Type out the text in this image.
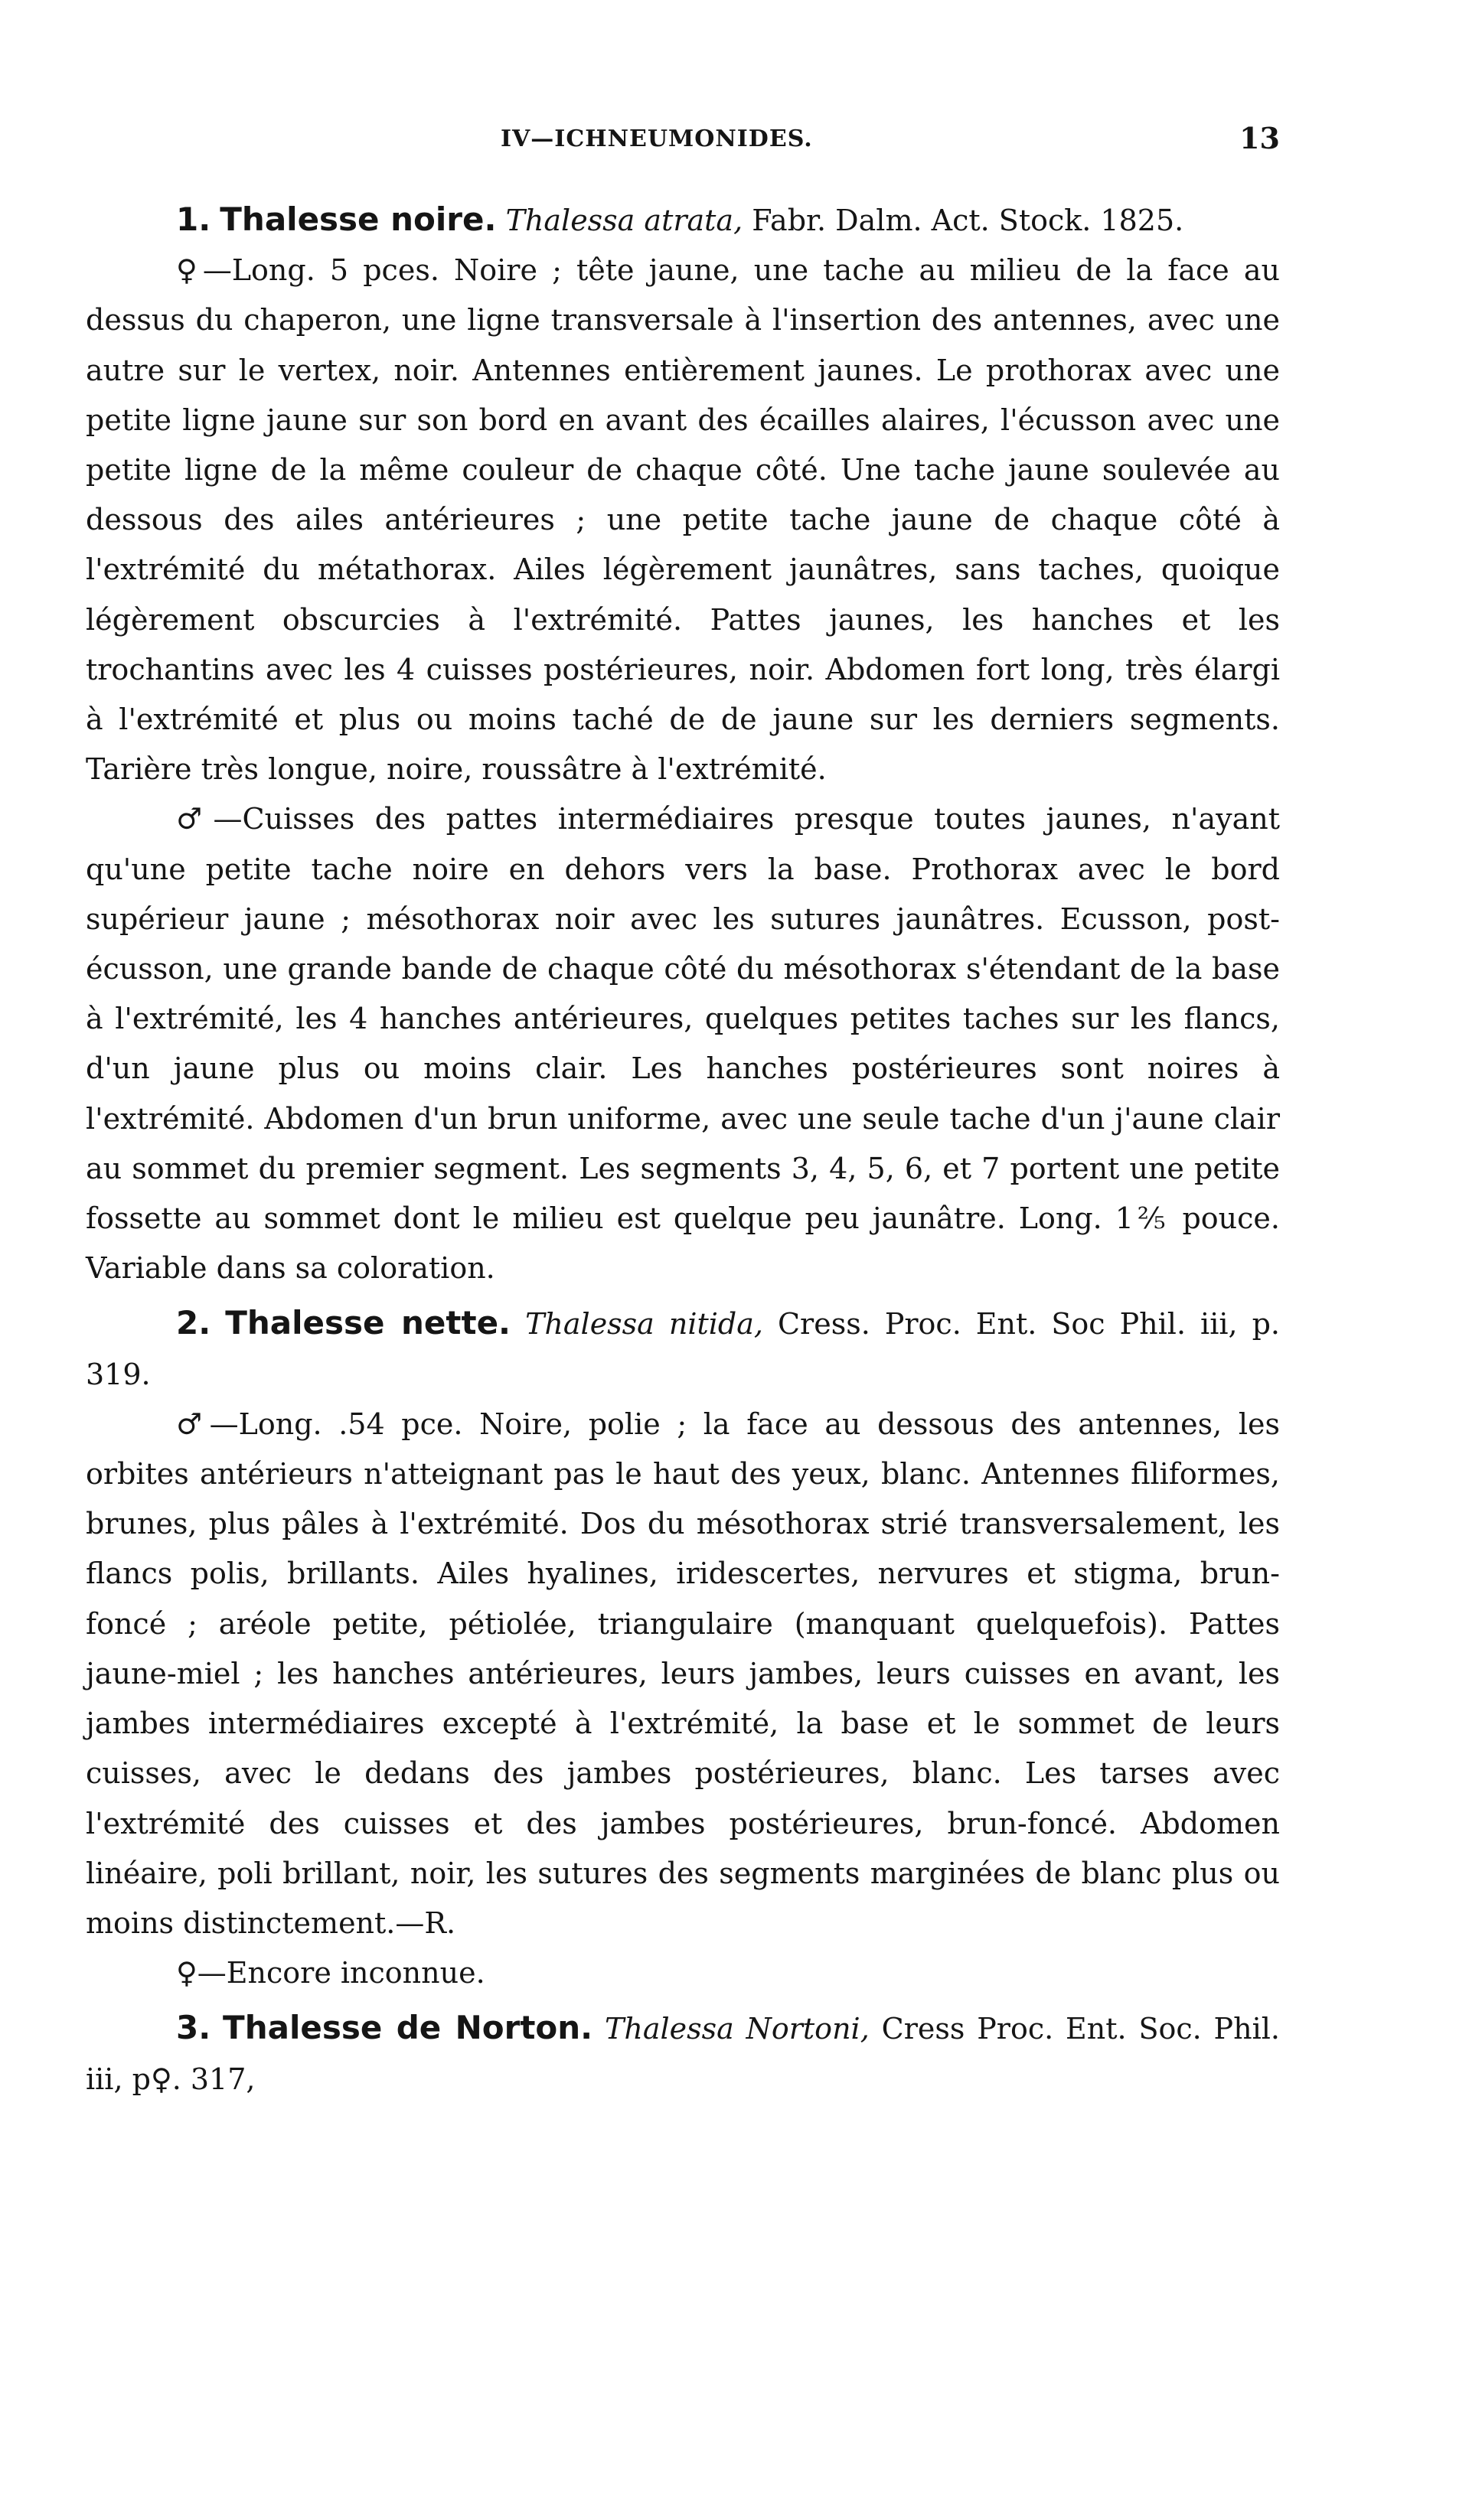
IV—ICHNEUMONIDES.	13

1. Thalesse noire. Thalessa atrata, Fabr. Dalm. Act. Stock. 1825.

♀—Long. 5 pces. Noire ; tête jaune, une tache au milieu de la face au dessus du chaperon, une ligne transversale à l'insertion des antennes, avec une autre sur le vertex, noir. Antennes entièrement jaunes. Le prothorax avec une petite ligne jaune sur son bord en avant des écailles alaires, l'écusson avec une petite ligne de la même couleur de chaque côté. Une tache jaune soulevée au dessous des ailes antérieures ; une petite tache jaune de chaque côté à l'extrémité du métathorax. Ailes légèrement jaunâtres, sans taches, quoique légèrement obscurcies à l'extrémité. Pattes jaunes, les hanches et les trochantins avec les 4 cuisses postérieures, noir. Abdomen fort long, très élargi à l'extrémité et plus ou moins taché de de jaune sur les derniers segments. Tarière très longue, noire, roussâtre à l'extrémité.

♂—Cuisses des pattes intermédiaires presque toutes jaunes, n'ayant qu'une petite tache noire en dehors vers la base. Prothorax avec le bord supérieur jaune ; mésothorax noir avec les sutures jaunâtres. Ecusson, post-écusson, une grande bande de chaque côté du mésothorax s'étendant de la base à l'extrémité, les 4 hanches antérieures, quelques petites taches sur les flancs, d'un jaune plus ou moins clair. Les hanches postérieures sont noires à l'extrémité. Abdomen d'un brun uniforme, avec une seule tache d'un j'aune clair au sommet du premier segment. Les segments 3, 4, 5, 6, et 7 portent une petite fossette au sommet dont le milieu est quelque peu jaunâtre. Long. 1⅖ pouce. Variable dans sa coloration.

2. Thalesse nette. Thalessa nitida, Cress. Proc. Ent. Soc Phil. iii, p. 319.

♂—Long. .54 pce. Noire, polie ; la face au dessous des antennes, les orbites antérieurs n'atteignant pas le haut des yeux, blanc. Antennes filiformes, brunes, plus pâles à l'extrémité. Dos du mésothorax strié transversalement, les flancs polis, brillants. Ailes hyalines, iridescertes, nervures et stigma, brun-foncé ; aréole petite, pétiolée, triangulaire (manquant quelquefois). Pattes jaune-miel ; les hanches antérieures, leurs jambes, leurs cuisses en avant, les jambes intermédiaires excepté à l'extrémité, la base et le sommet de leurs cuisses, avec le dedans des jambes postérieures, blanc. Les tarses avec l'extrémité des cuisses et des jambes postérieures, brun-foncé. Abdomen linéaire, poli brillant, noir, les sutures des segments marginées de blanc plus ou moins distinctement.—R.

♀—Encore inconnue.

3. Thalesse de Norton. Thalessa Nortoni, Cress Proc. Ent. Soc. Phil. iii, p♀. 317,
